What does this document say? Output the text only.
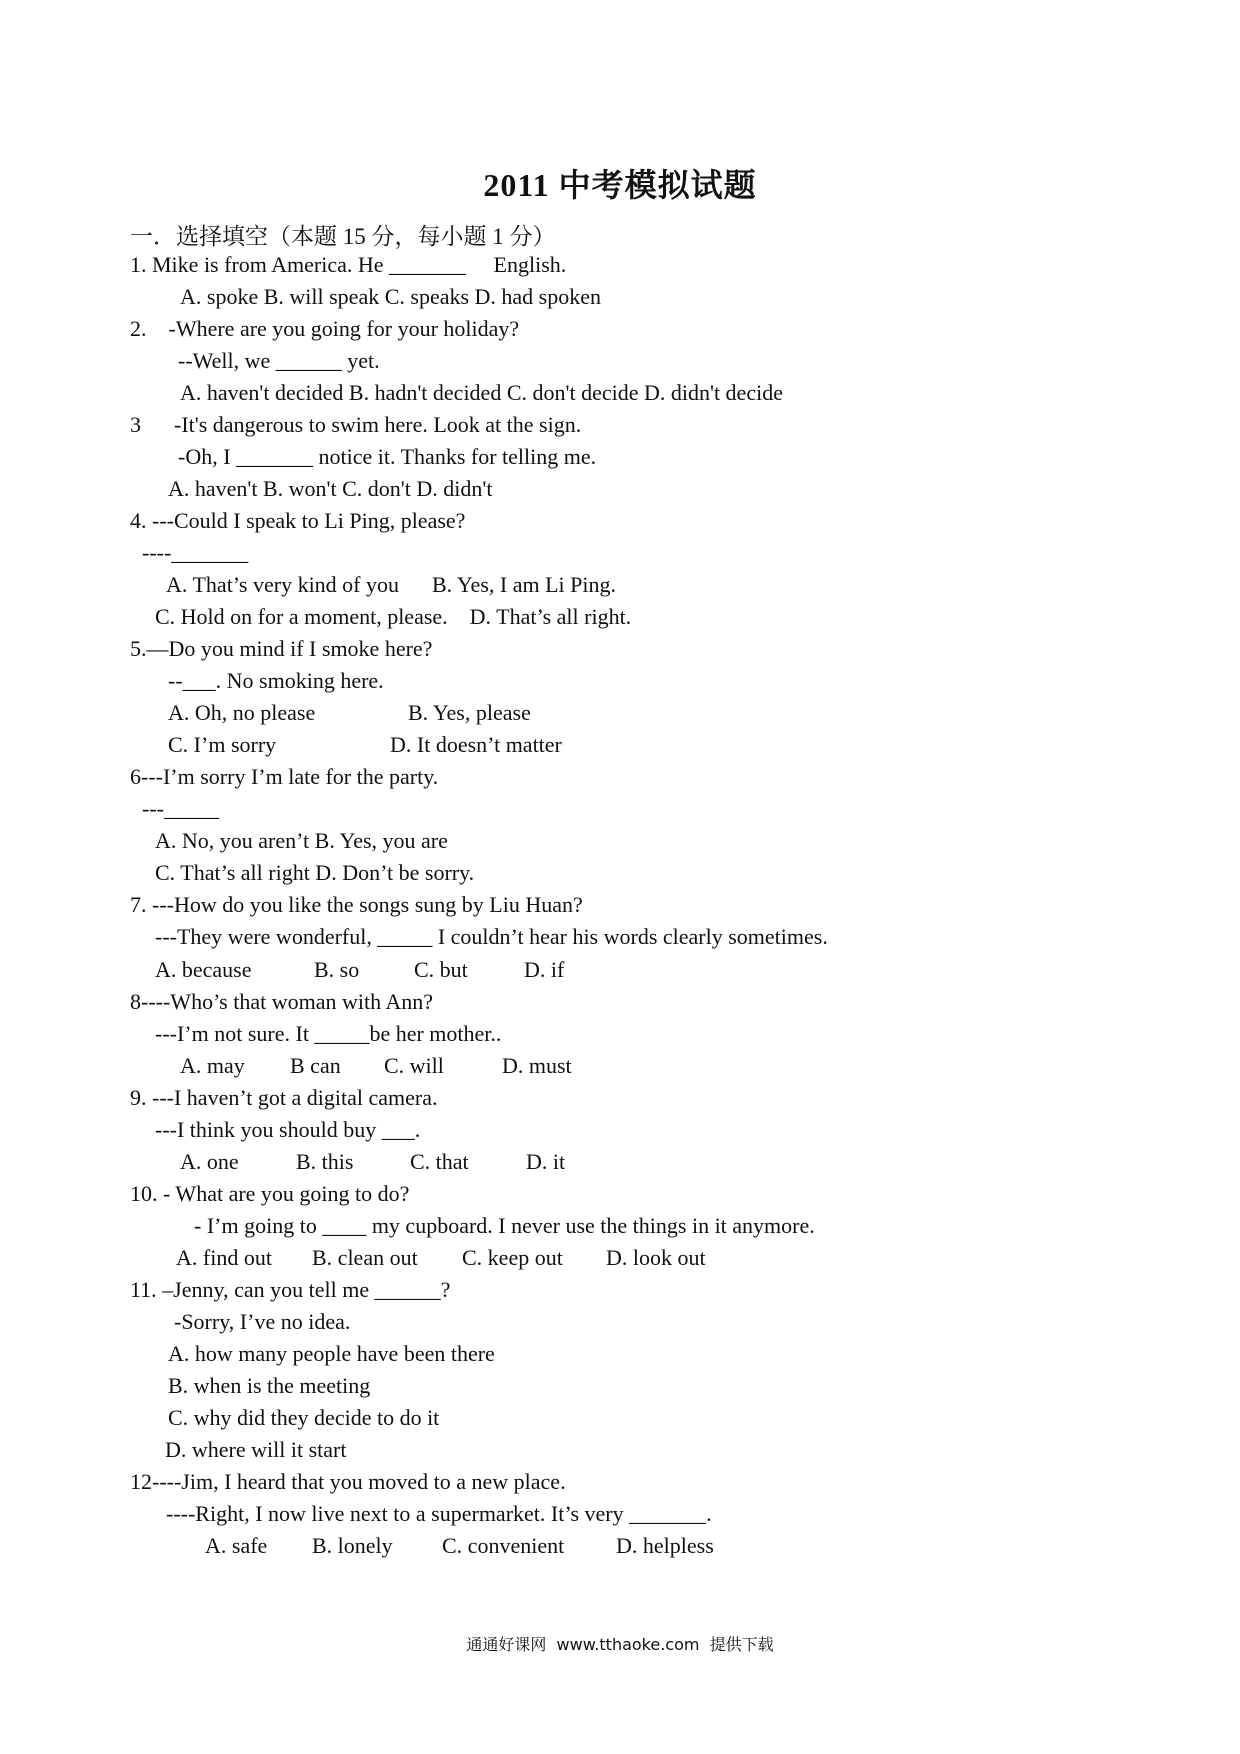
2011 中考模拟试题
一．选择填空（本题 15 分，每小题 1 分）
1. Mike is from America. He _______     English.
A. spoke B. will speak C. speaks D. had spoken
2.    -Where are you going for your holiday?
--Well, we ______ yet.
A. haven't decided B. hadn't decided C. don't decide D. didn't decide
3      -It's dangerous to swim here. Look at the sign.
-Oh, I _______ notice it. Thanks for telling me.
A. haven't B. won't C. don't D. didn't
4. ---Could I speak to Li Ping, please?
----_______
A. That’s very kind of you      B. Yes, I am Li Ping.
C. Hold on for a moment, please.    D. That’s all right.
5.—Do you mind if I smoke here?
--___. No smoking here.
A. Oh, no please	B. Yes, please
C. I’m sorry	D. It doesn’t matter
6---I’m sorry I’m late for the party.
---_____
A. No, you aren’t B. Yes, you are
C. That’s all right D. Don’t be sorry.
7. ---How do you like the songs sung by Liu Huan?
---They were wonderful, _____ I couldn’t hear his words clearly sometimes.
A. because	B. so C. but	D. if
8----Who’s that woman with Ann?
---I’m not sure. It _____be her mother..
A. may B can C. will	D. must
9. ---I haven’t got a digital camera.
---I think you should buy ___.
A. one	B. this	C. that	D. it
10. - What are you going to do?
- I’m going to ____ my cupboard. I never use the things in it anymore.
A. find out B. clean out C. keep out D. look out
11. –Jenny, can you tell me ______?
-Sorry, I’ve no idea.
A. how many people have been there
B. when is the meeting
C. why did they decide to do it
D. where will it start
12----Jim, I heard that you moved to a new place.
----Right, I now live next to a supermarket. It’s very _______.
A. safe B. lonely C. convenient D. helpless
通通好课网  www.tthaoke.com  提供下载
